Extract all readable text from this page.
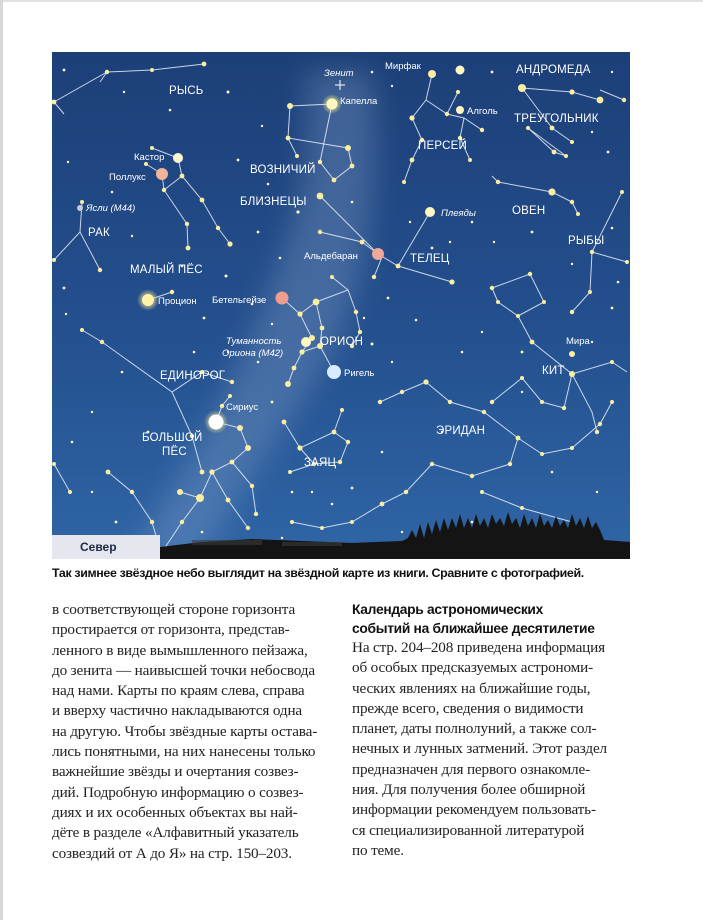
РЫСЬ
АНДРОМЕДА
ВОЗНИЧИЙ
ТРЕУГОЛЬНИК
ПЕРСЕЙ
БЛИЗНЕЦЫ
ОВЕН
РАК
ТЕЛЕЦ
РЫБЫ
МАЛЫЙ ПЁС
ОРИОН
ЕДИНОРОГ	КИТ
ЭРИДАН
БОЛЬШОЙ
ПЁС
ЗАЯЦ
Зенит
Мирфак
Капелла
Алголь
Кастор
Поллукс
Плеяды
Ясли (M44)
Альдебаран
Процион Бетельгейзе
Туманность
Ориона (M42)
Ригель
Мира
Сириус
Север
Так зимнее звёздное небо выглядит на звёздной карте из книги. Сравните с фотографией.
в соответствующей стороне горизонта
простирается от горизонта, представ-
ленного в виде вымышленного пейзажа,
до зенита — наивысшей точки небосвода
над нами. Карты по краям слева, справа
и вверху частично накладываются одна
на другую. Чтобы звёздные карты остава-
лись понятными, на них нанесены только
важнейшие звёзды и очертания созвез-
дий. Подробную информацию о созвез-
диях и их особенных объектах вы най-
дёте в разделе «Алфавитный указатель
созвездий от А до Я» на стр. 150–203.
Календарь астрономических
событий на ближайшее десятилетие
На стр. 204–208 приведена информация
об особых предсказуемых астрономи-
ческих явлениях на ближайшие годы,
прежде всего, сведения о видимости
планет, даты полнолуний, а также сол-
нечных и лунных затмений. Этот раздел
предназначен для первого ознакомле-
ния. Для получения более обширной
информации рекомендуем пользовать-
ся специализированной литературой
по теме.
